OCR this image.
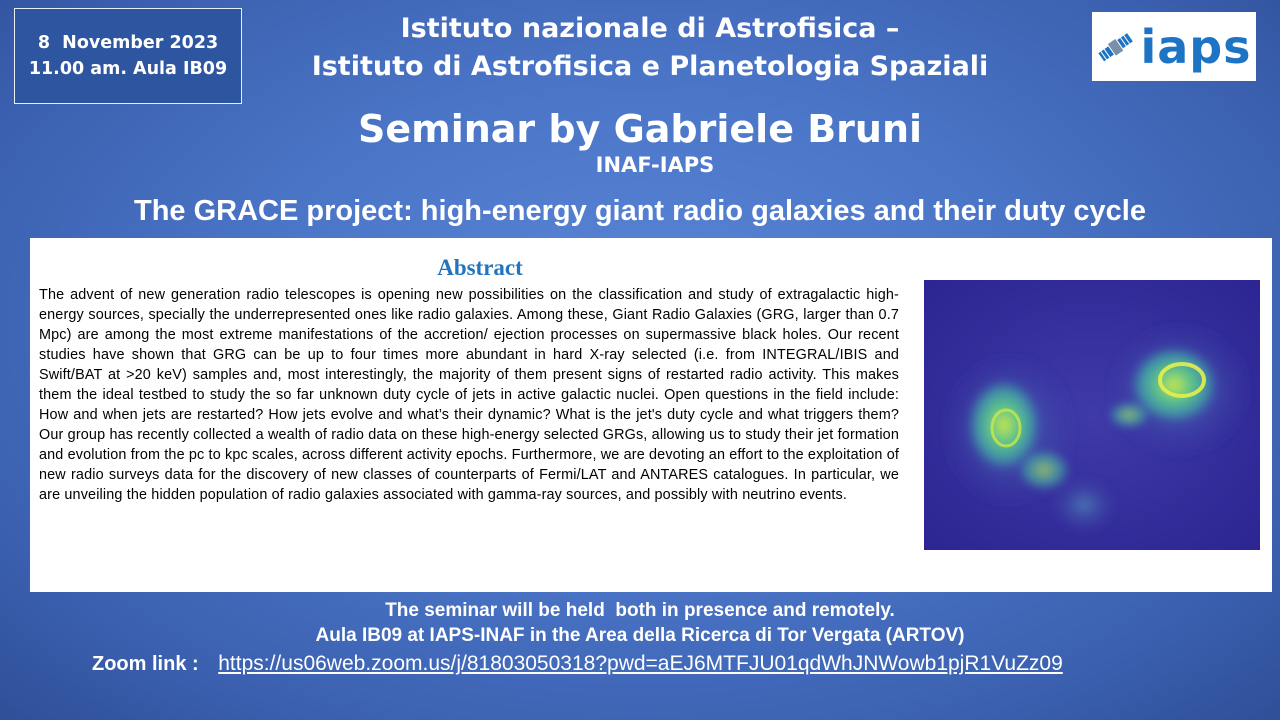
8  November 2023
11.00 am. Aula IB09
Istituto nazionale di Astrofisica –
Istituto di Astrofisica e Planetologia Spaziali	iaps
Seminar by Gabriele Bruni
INAF-IAPS
The GRACE project: high-energy giant radio galaxies and their duty cycle
Abstract
The advent of new generation radio telescopes is opening new possibilities on the classification and study of extragalactic high-energy sources, specially the underrepresented ones like radio galaxies. Among these, Giant Radio Galaxies (GRG, larger than 0.7 Mpc) are among the most extreme manifestations of the accretion/ ejection processes on supermassive black holes. Our recent studies have shown that GRG can be up to four times more abundant in hard X-ray selected (i.e. from INTEGRAL/IBIS and Swift/BAT at >20 keV) samples and, most interestingly, the majority of them present signs of restarted radio activity. This makes them the ideal testbed to study the so far unknown duty cycle of jets in active galactic nuclei. Open questions in the field include: How and when jets are restarted? How jets evolve and what’s their dynamic? What is the jet's duty cycle and what triggers them? Our group has recently collected a wealth of radio data on these high-energy selected GRGs, allowing us to study their jet formation and evolution from the pc to kpc scales, across different activity epochs. Furthermore, we are devoting an effort to the exploitation of new radio surveys data for the discovery of new classes of counterparts of Fermi/LAT and ANTARES catalogues. In particular, we are unveiling the hidden population of radio galaxies associated with gamma-ray sources, and possibly with neutrino events.
The seminar will be held  both in presence and remotely.
Aula IB09 at IAPS-INAF in the Area della Ricerca di Tor Vergata (ARTOV)
Zoom link : https://us06web.zoom.us/j/81803050318?pwd=aEJ6MTFJU01qdWhJNWowb1pjR1VuZz09
